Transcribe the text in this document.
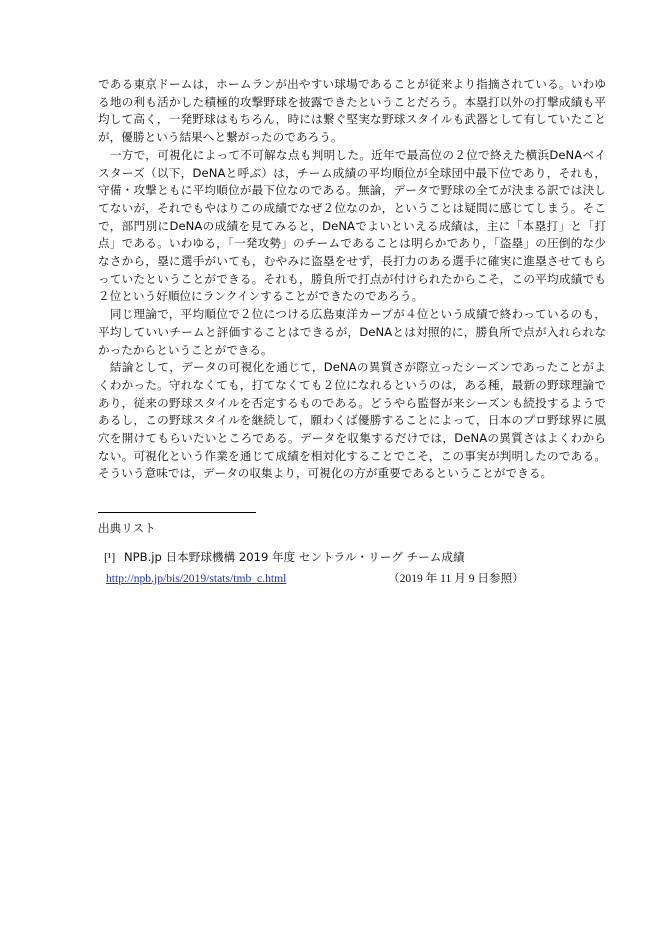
である東京ドームは，ホームランが出やすい球場であることが従来より指摘されている。いわゆる地の利も活かした積極的攻撃野球を披露できたということだろう。本塁打以外の打撃成績も平均して高く，一発野球はもちろん，時には繋ぐ堅実な野球スタイルも武器として有していたことが，優勝という結果へと繋がったのであろう。

　一方で，可視化によって不可解な点も判明した。近年で最高位の２位で終えた横浜DeNAベイスターズ（以下，DeNAと呼ぶ）は，チーム成績の平均順位が全球団中最下位であり，それも，守備・攻撃ともに平均順位が最下位なのである。無論，データで野球の全てが決まる訳では決してないが，それでもやはりこの成績でなぜ２位なのか，ということは疑問に感じてしまう。そこで，部門別にDeNAの成績を見てみると，DeNAでよいといえる成績は，主に「本塁打」と「打点」である。いわゆる，「一発攻勢」のチームであることは明らかであり，「盗塁」の圧倒的な少なさから，塁に選手がいても，むやみに盗塁をせず，長打力のある選手に確実に進塁させてもらっていたということができる。それも，勝負所で打点が付けられたからこそ，この平均成績でも２位という好順位にランクインすることができたのであろう。

　同じ理論で，平均順位で２位につける広島東洋カープが４位という成績で終わっているのも，平均していいチームと評価することはできるが，DeNAとは対照的に，勝負所で点が入れられなかったからということができる。

　結論として，データの可視化を通じて，DeNAの異質さが際立ったシーズンであったことがよくわかった。守れなくても，打てなくても２位になれるというのは，ある種，最新の野球理論であり，従来の野球スタイルを否定するものである。どうやら監督が来シーズンも続投するようであるし，この野球スタイルを継続して，願わくば優勝することによって，日本のプロ野球界に風穴を開けてもらいたいところである。データを収集するだけでは，DeNAの異質さはよくわからない。可視化という作業を通じて成績を相対化することでこそ，この事実が判明したのである。そういう意味では，データの収集より，可視化の方が重要であるということができる。

出典リスト

[¹] NPB.jp 日本野球機構 2019 年度 セントラル・リーグ チーム成績
http://npb.jp/bis/2019/stats/tmb_c.html	（2019 年 11 月 9 日参照）
